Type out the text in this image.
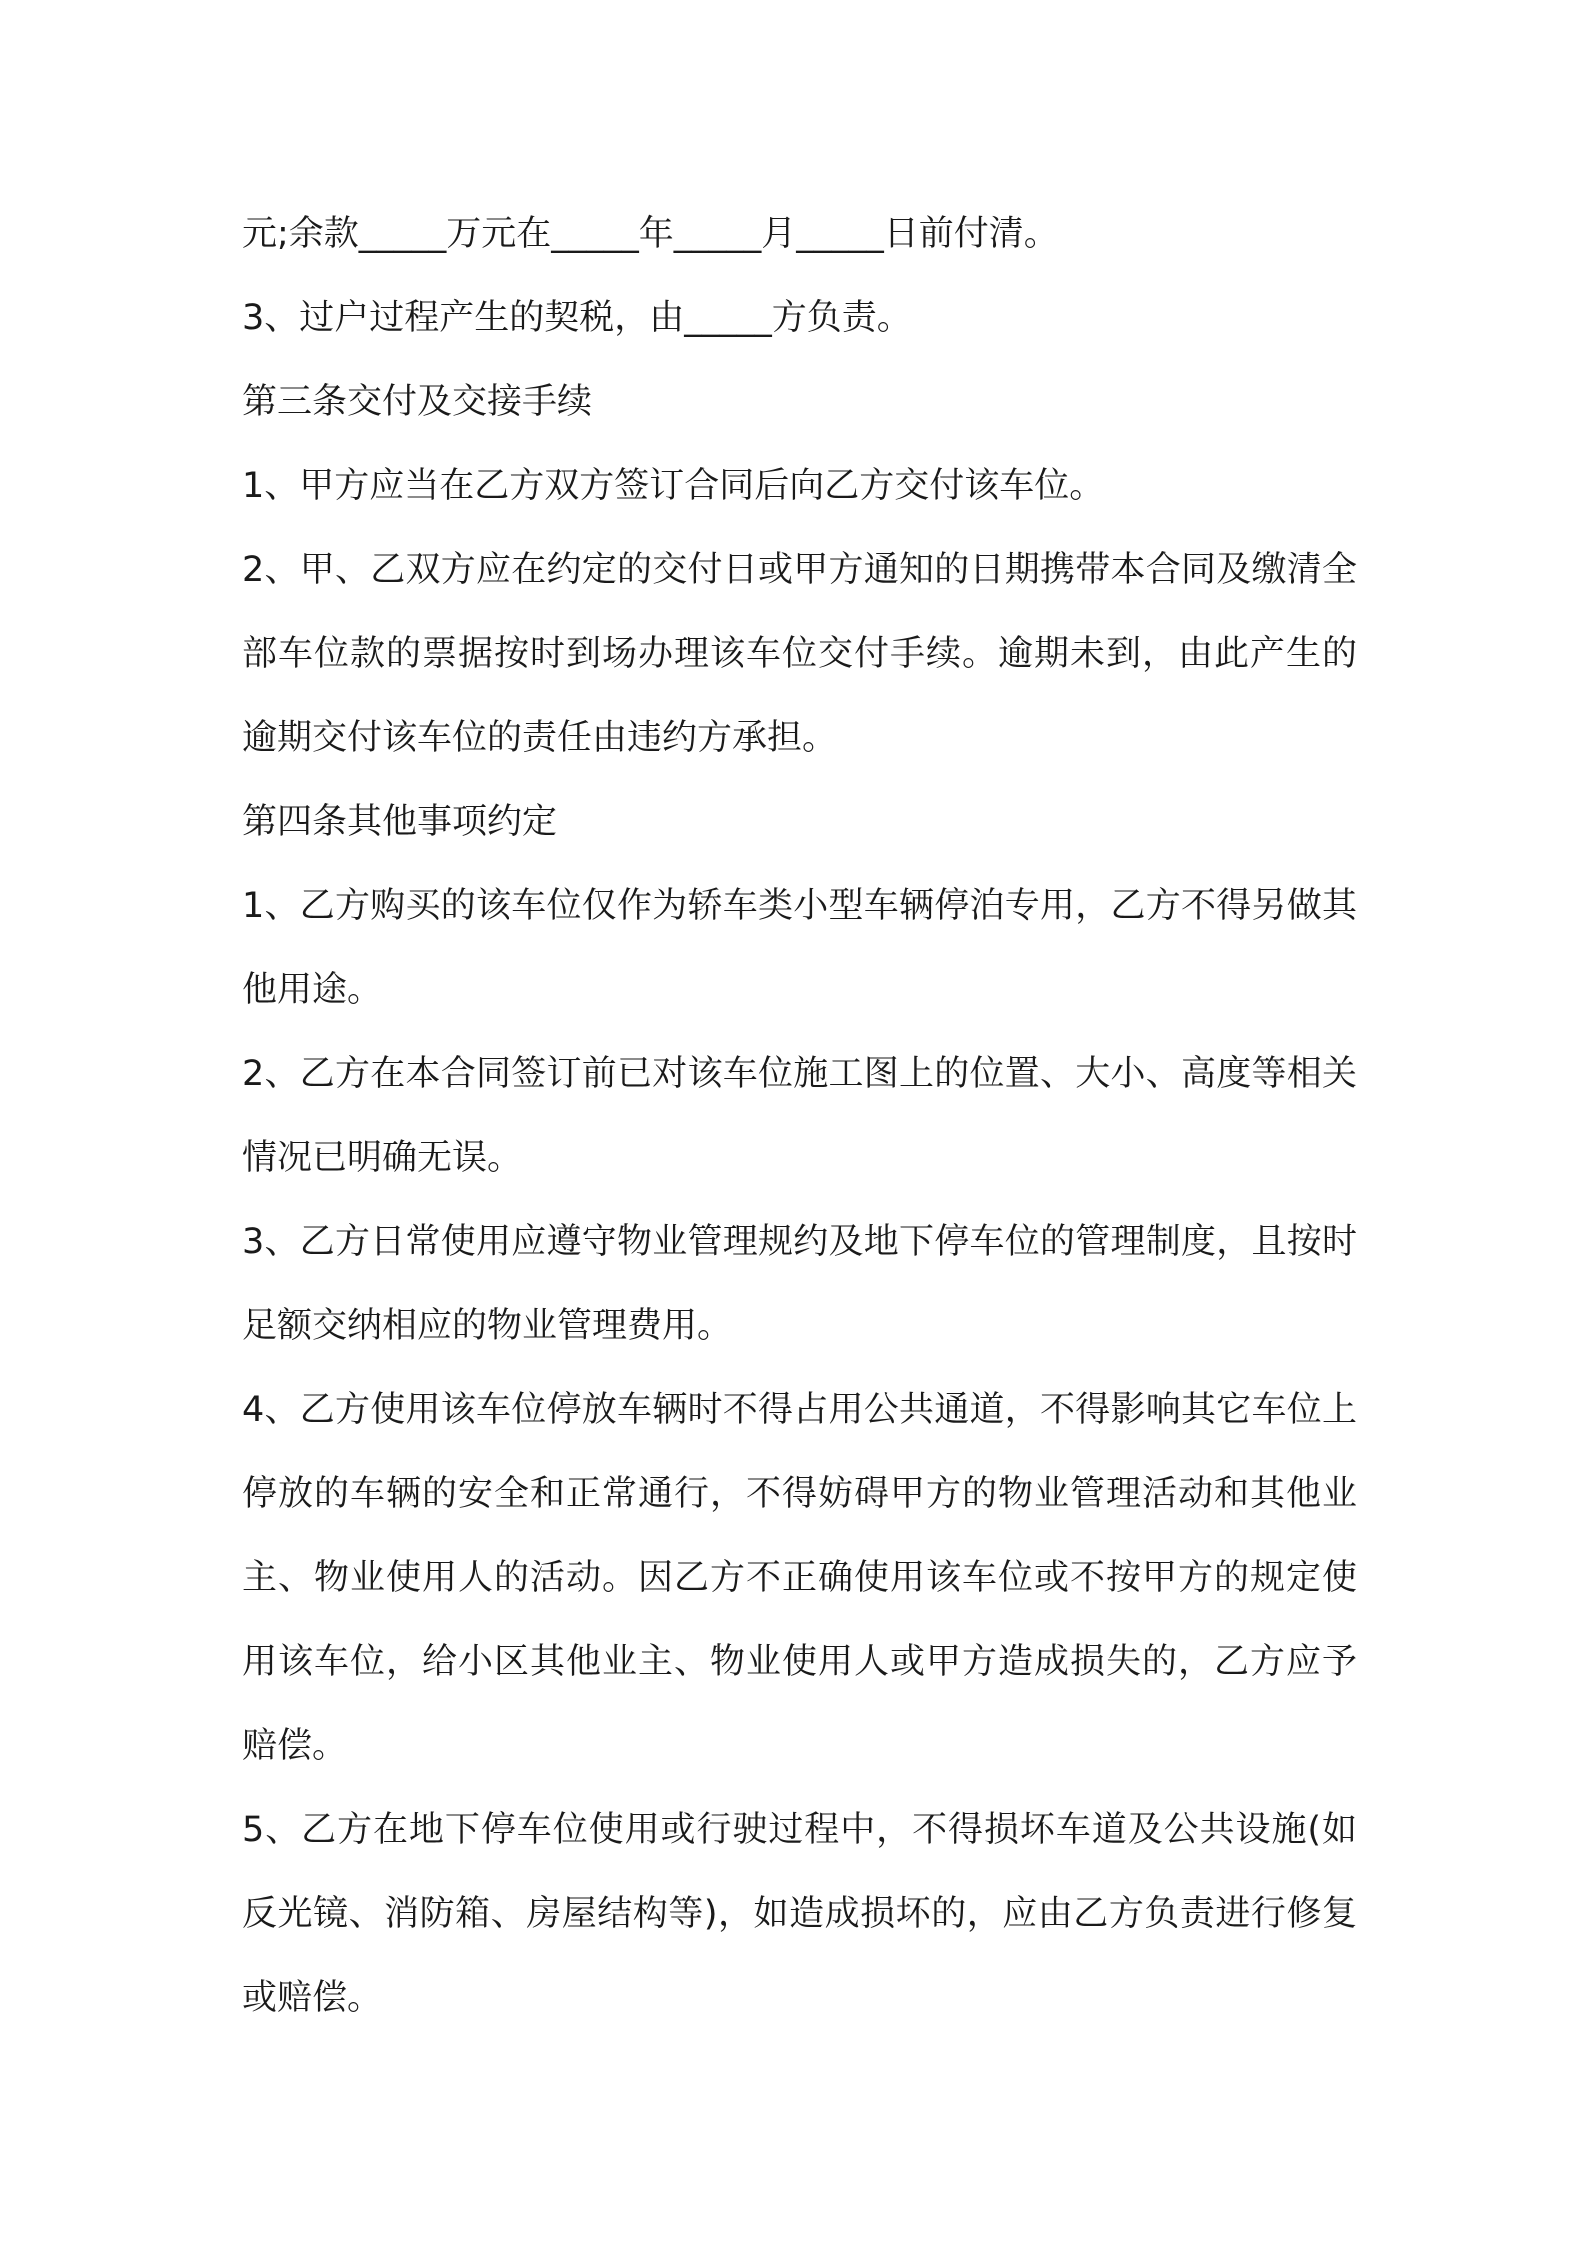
元;余款_____万元在_____年_____月_____日前付清。

3、过户过程产生的契税，由_____方负责。

第三条交付及交接手续

1、甲方应当在乙方双方签订合同后向乙方交付该车位。

2、甲、乙双方应在约定的交付日或甲方通知的日期携带本合同及缴清全部车位款的票据按时到场办理该车位交付手续。逾期未到，由此产生的逾期交付该车位的责任由违约方承担。

第四条其他事项约定

1、乙方购买的该车位仅作为轿车类小型车辆停泊专用，乙方不得另做其他用途。

2、乙方在本合同签订前已对该车位施工图上的位置、大小、高度等相关情况已明确无误。

3、乙方日常使用应遵守物业管理规约及地下停车位的管理制度，且按时足额交纳相应的物业管理费用。

4、乙方使用该车位停放车辆时不得占用公共通道，不得影响其它车位上停放的车辆的安全和正常通行，不得妨碍甲方的物业管理活动和其他业主、物业使用人的活动。因乙方不正确使用该车位或不按甲方的规定使用该车位，给小区其他业主、物业使用人或甲方造成损失的，乙方应予赔偿。

5、乙方在地下停车位使用或行驶过程中，不得损坏车道及公共设施(如反光镜、消防箱、房屋结构等)，如造成损坏的，应由乙方负责进行修复或赔偿。
